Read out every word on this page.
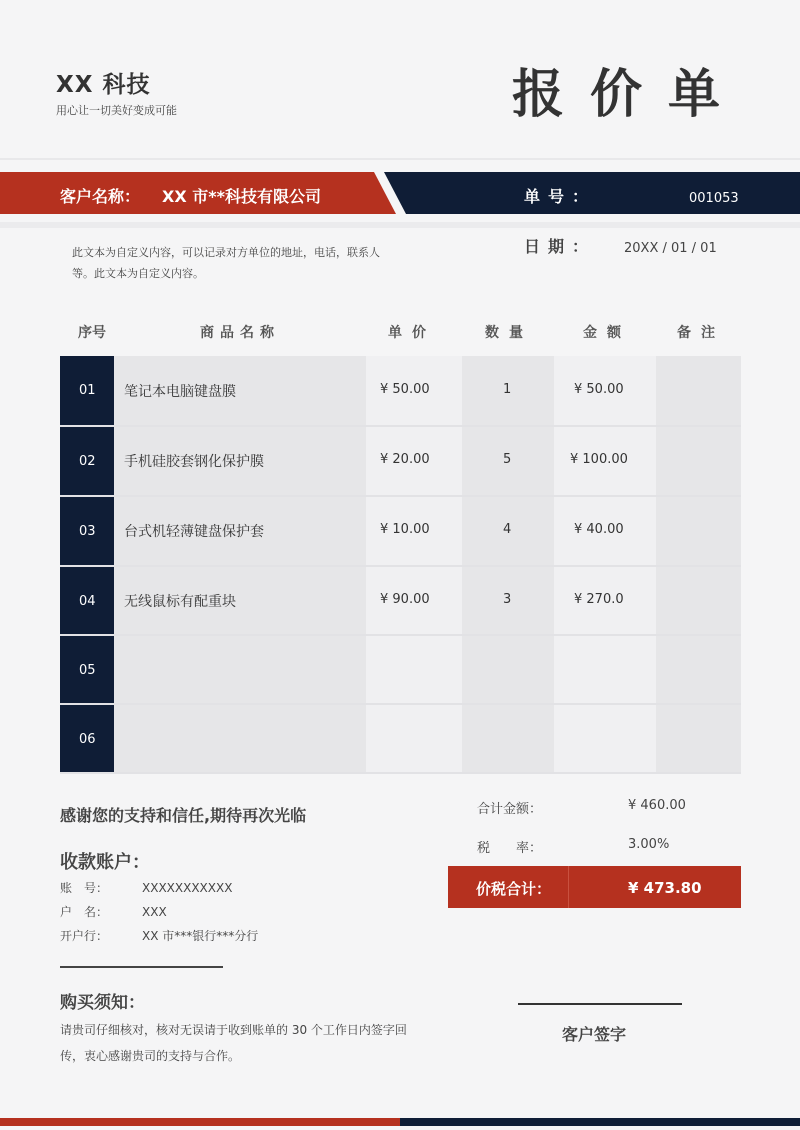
XX 科技
用心让一切美好变成可能	报价单
客户名称： XX 市**科技有限公司	单号：	001053
此文本为自定义内容，可以记录对方单位的地址，电话，联系人等。此文本为自定义内容。
日期： 20XX / 01 / 01
序号	商品名称	单价	数量	金额	备注
01 笔记本电脑键盘膜	¥ 50.00	1	¥ 50.00
02 手机硅胶套钢化保护膜	¥ 20.00	5	¥ 100.00
03 台式机轻薄键盘保护套	¥ 10.00	4	¥ 40.00
04 无线鼠标有配重块	¥ 90.00	3	¥ 270.0
05
06
感谢您的支持和信任,期待再次光临
收款账户：
账　号：	XXXXXXXXXXX
户　名：	XXX
开户行：	XX 市***银行***分行
购买须知：
请贵司仔细核对，核对无误请于收到账单的 30 个工作日内签字回传，衷心感谢贵司的支持与合作。
合计金额：	¥ 460.00
税　　率：	3.00%
价税合计：	¥ 473.80
客户签字
